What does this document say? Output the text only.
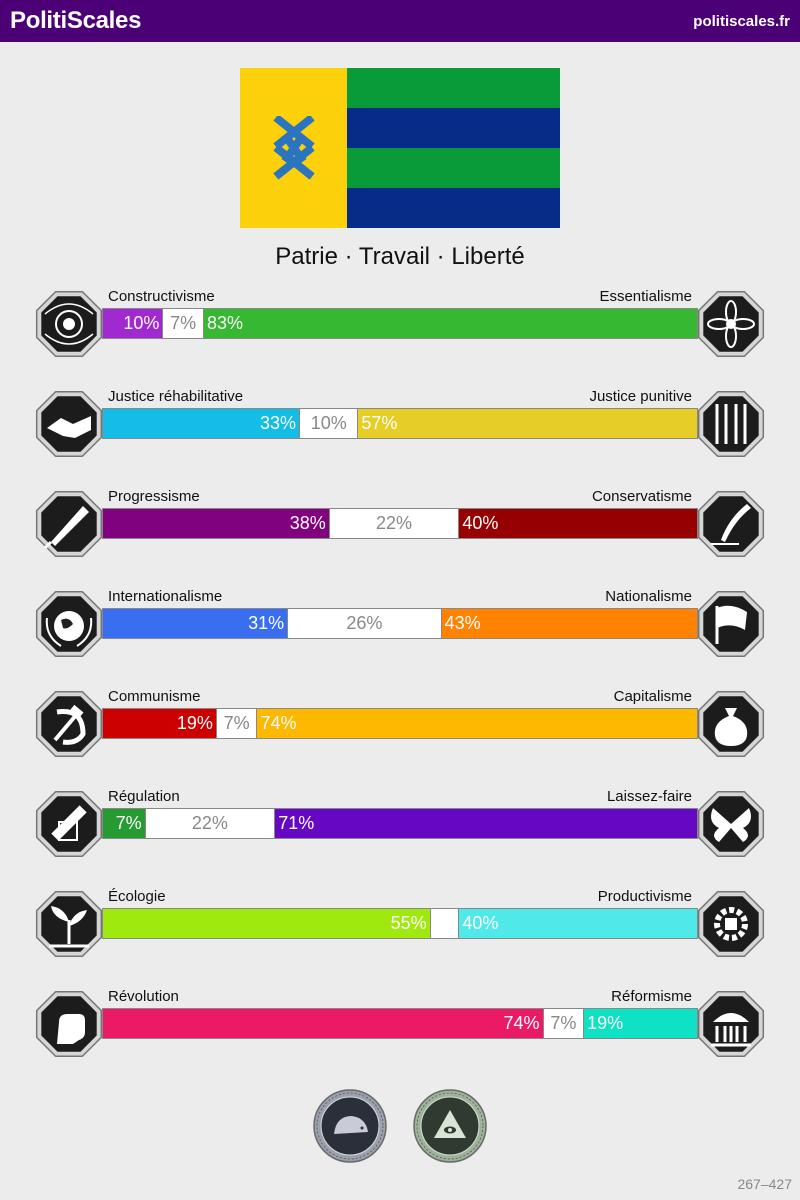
PolitiScales	politiscales.fr
Patrie · Travail · Liberté
Constructivisme	Essentialisme
10% 7% 83%
Justice réhabilitative	Justice punitive
33% 10% 57%
Progressisme	Conservatisme
38%	22%	40%
Internationalisme	Nationalisme
31%	26%	43%
Communisme	Capitalisme
19% 7% 74%
Régulation	Laissez-faire
7%	22%	71%
Écologie	Productivisme
55% 40%
Révolution	Réformisme
74% 7% 19%
267–427
